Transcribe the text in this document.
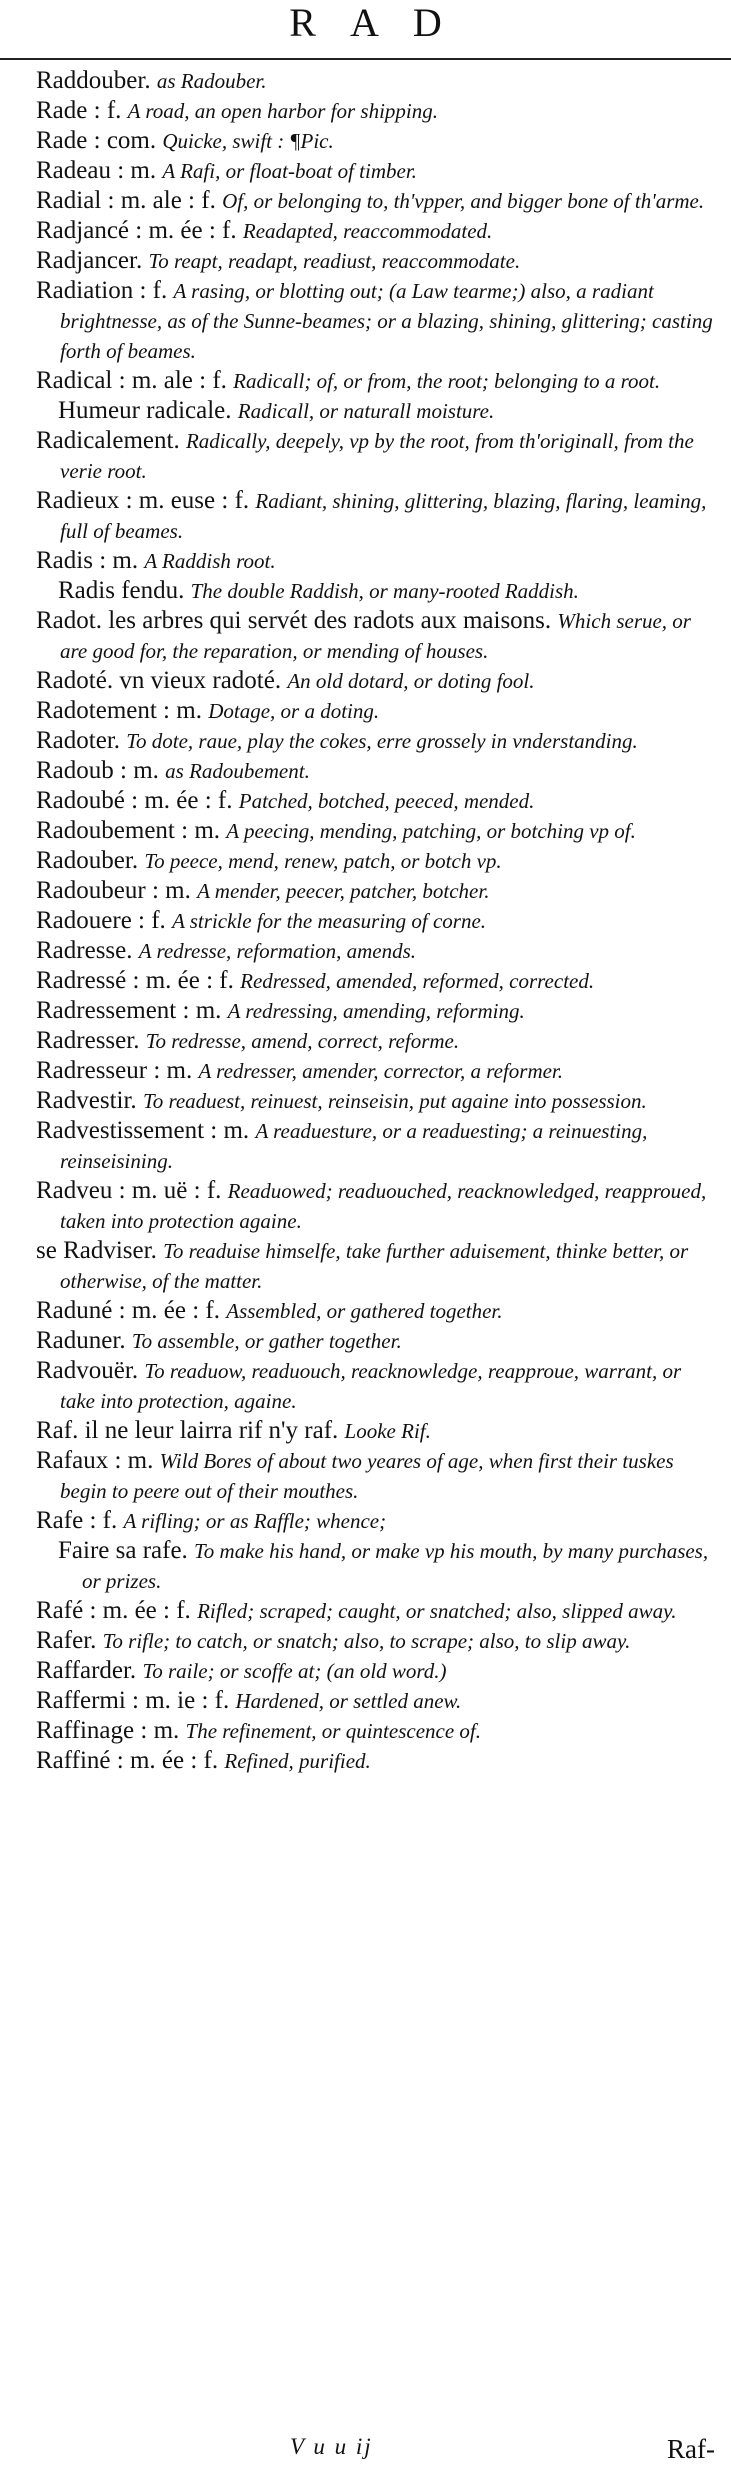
RAD

Raddouber. as Radouber.

Rade : f. A road, an open harbor for shipping.

Rade : com. Quicke, swift : ¶Pic.

Radeau : m. A Rafi, or float-boat of timber.

Radial : m. ale : f. Of, or belonging to, th'vpper, and bigger bone of th'arme.

Radjancé : m. ée : f. Readapted, reaccommodated.

Radjancer. To reapt, readapt, readiust, reaccommodate.

Radiation : f. A rasing, or blotting out; (a Law tearme;) also, a radiant brightnesse, as of the Sunne-beames; or a blazing, shining, glittering; casting forth of beames.

Radical : m. ale : f. Radicall; of, or from, the root; belonging to a root.

Humeur radicale. Radicall, or naturall moisture.

Radicalement. Radically, deepely, vp by the root, from th'originall, from the verie root.

Radieux : m. euse : f. Radiant, shining, glittering, blazing, flaring, leaming, full of beames.

Radis : m. A Raddish root.

Radis fendu. The double Raddish, or many-rooted Raddish.

Radot. les arbres qui servét des radots aux maisons. Which serue, or are good for, the reparation, or mending of houses.

Radoté. vn vieux radoté. An old dotard, or doting fool.

Radotement : m. Dotage, or a doting.

Radoter. To dote, raue, play the cokes, erre grossely in vnderstanding.

Radoub : m. as Radoubement.

Radoubé : m. ée : f. Patched, botched, peeced, mended.

Radoubement : m. A peecing, mending, patching, or botching vp of.

Radouber. To peece, mend, renew, patch, or botch vp.

Radoubeur : m. A mender, peecer, patcher, botcher.

Radouere : f. A strickle for the measuring of corne.

Radresse. A redresse, reformation, amends.

Radressé : m. ée : f. Redressed, amended, reformed, corrected.

Radressement : m. A redressing, amending, reforming.

Radresser. To redresse, amend, correct, reforme.

Radresseur : m. A redresser, amender, corrector, a reformer.

Radvestir. To readuest, reinuest, reinseisin, put againe into possession.

Radvestissement : m. A readuesture, or a readuesting; a reinuesting, reinseisining.

Radveu : m. uë : f. Readuowed; readuouched, reacknowledged, reapproued, taken into protection againe.

se Radviser. To readuise himselfe, take further aduisement, thinke better, or otherwise, of the matter.

Raduné : m. ée : f. Assembled, or gathered together.

Raduner. To assemble, or gather together.

Radvouër. To readuow, readuouch, reacknowledge, reapproue, warrant, or take into protection, againe.

Raf. il ne leur lairra rif n'y raf. Looke Rif.

Rafaux : m. Wild Bores of about two yeares of age, when first their tuskes begin to peere out of their mouthes.

Rafe : f. A rifling; or as Raffle; whence;

Faire sa rafe. To make his hand, or make vp his mouth, by many purchases, or prizes.

Rafé : m. ée : f. Rifled; scraped; caught, or snatched; also, slipped away.

Rafer. To rifle; to catch, or snatch; also, to scrape; also, to slip away.

Raffarder. To raile; or scoffe at; (an old word.)

Raffermi : m. ie : f. Hardened, or settled anew.

Raffinage : m. The refinement, or quintescence of.

Raffiné : m. ée : f. Refined, purified.

V u u ij	Raf-
